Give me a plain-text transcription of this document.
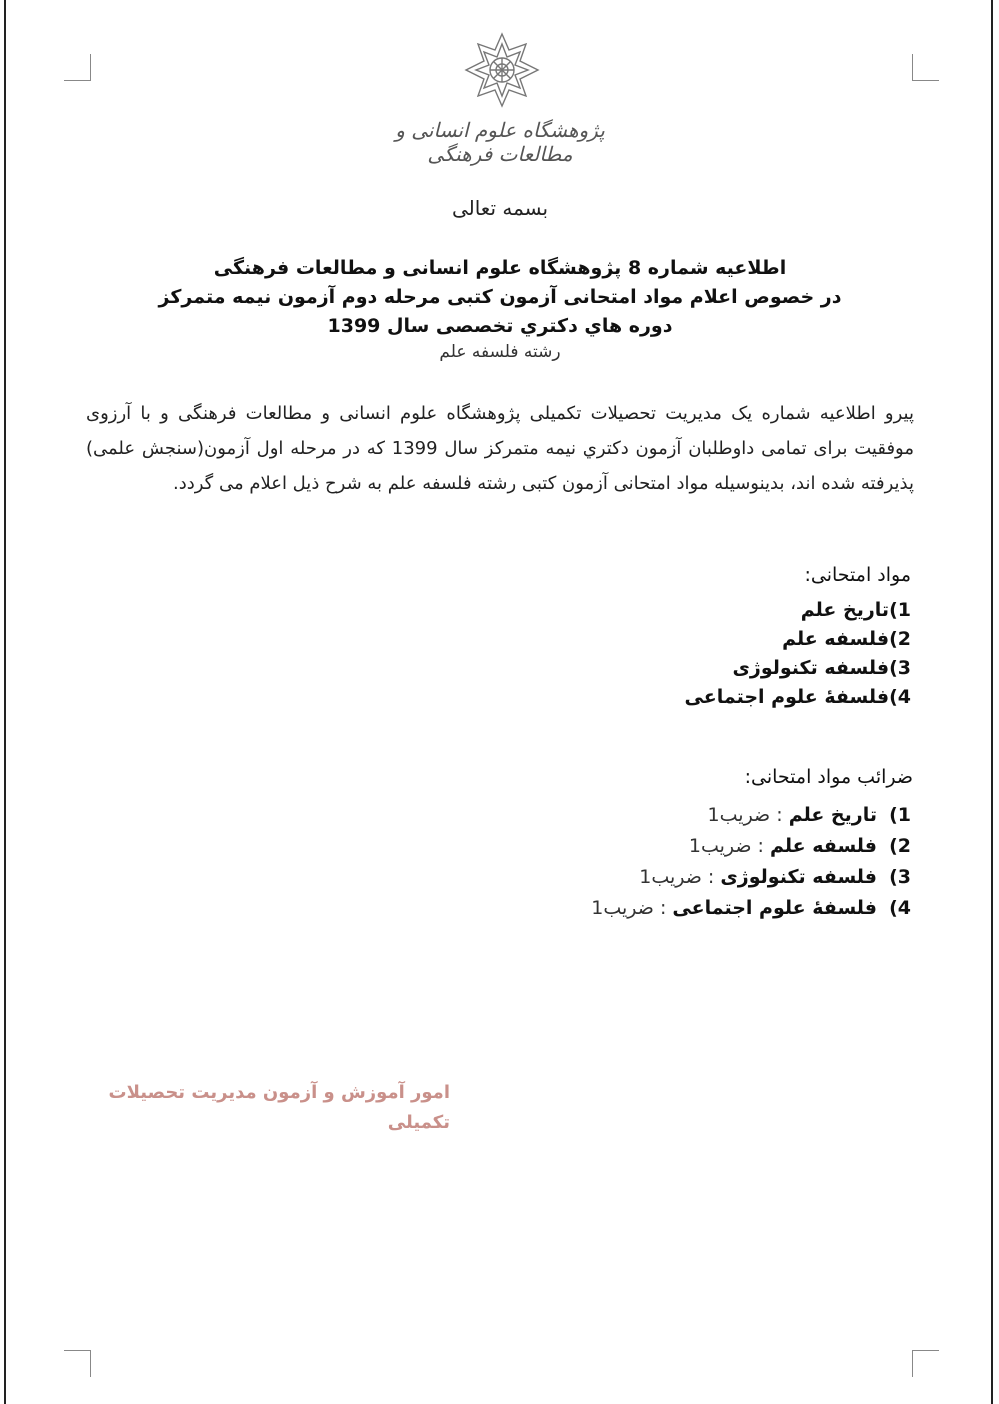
پژوهشگاه علوم انسانی و مطالعات فرهنگی
بسمه تعالی
اطلاعیه شماره 8 پژوهشگاه علوم انسانی و مطالعات فرهنگی
در خصوص اعلام مواد امتحانی آزمون کتبی مرحله دوم آزمون نیمه متمرکز
دوره هاي دکتري تخصصی سال 1399
رشته فلسفه علم
پیرو اطلاعیه شماره یک مدیریت تحصیلات تکمیلی پژوهشگاه علوم انسانی و مطالعات فرهنگی و با آرزوی موفقیت برای تمامی داوطلبان آزمون دکتري نیمه متمرکز سال 1399 که در مرحله اول آزمون(سنجش علمی) پذیرفته شده اند، بدینوسیله مواد امتحانی آزمون کتبی رشته فلسفه علم به شرح ذیل اعلام می گردد.
مواد امتحانی:
1)تاریخ علم
2)فلسفه علم
3)فلسفه تکنولوژی
4)فلسفۀ علوم اجتماعی
ضرائب مواد امتحانی:
1)  تاریخ علم : ضریب1
2)  فلسفه علم : ضریب1
3)  فلسفه تکنولوژی : ضریب1
4)  فلسفۀ علوم اجتماعی : ضریب1
امور آموزش و آزمون مدیریت تحصیلات تکمیلی
